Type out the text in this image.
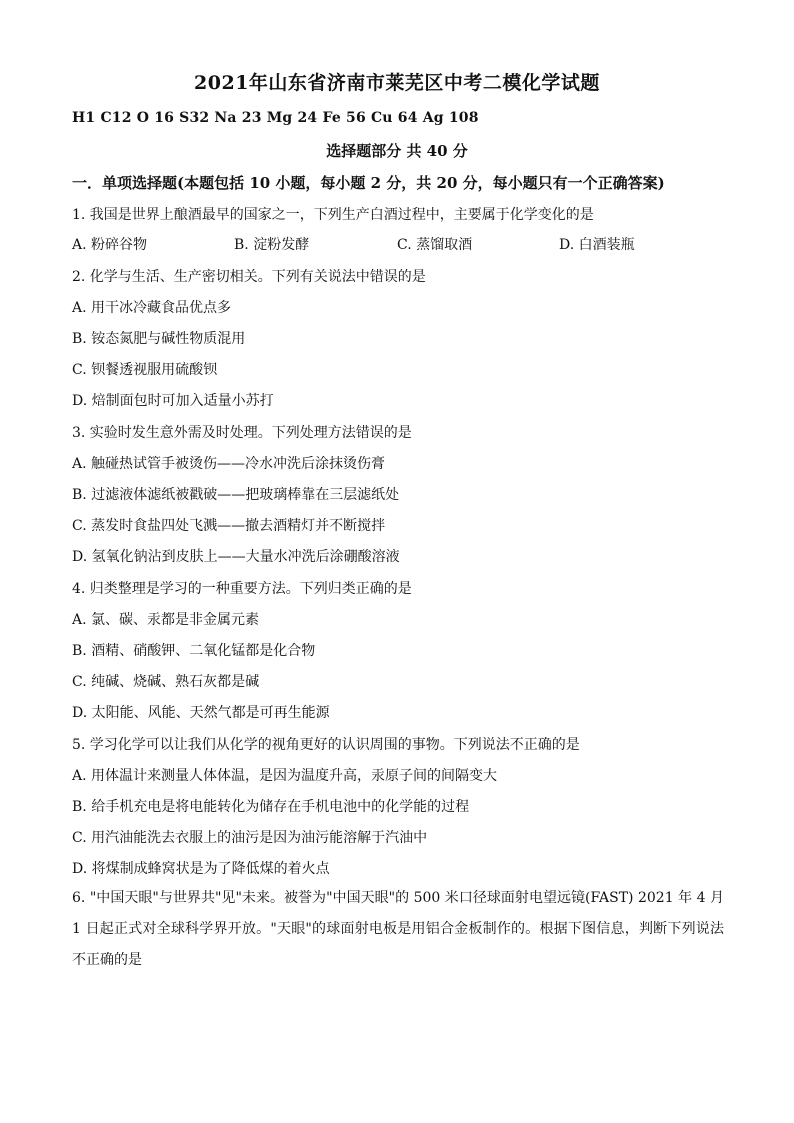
2021年山东省济南市莱芜区中考二模化学试题
H1 C12 O 16 S32 Na 23 Mg 24 Fe 56 Cu 64 Ag 108
选择题部分 共 40 分
一．单项选择题(本题包括 10 小题，每小题 2 分，共 20 分，每小题只有一个正确答案)
1. 我国是世界上酿酒最早的国家之一，下列生产白酒过程中，主要属于化学变化的是
A. 粉碎谷物	B. 淀粉发酵	C. 蒸馏取酒	D. 白酒装瓶
2. 化学与生活、生产密切相关。下列有关说法中错误的是
A. 用干冰冷藏食品优点多
B. 铵态氮肥与碱性物质混用
C. 钡餐透视服用硫酸钡
D. 焙制面包时可加入适量小苏打
3. 实验时发生意外需及时处理。下列处理方法错误的是
A. 触碰热试管手被烫伤——冷水冲洗后涂抹烫伤膏
B. 过滤液体滤纸被戳破——把玻璃棒靠在三层滤纸处
C. 蒸发时食盐四处飞溅——撤去酒精灯并不断搅拌
D. 氢氧化钠沾到皮肤上——大量水冲洗后涂硼酸溶液
4. 归类整理是学习的一种重要方法。下列归类正确的是
A. 氯、碳、汞都是非金属元素
B. 酒精、硝酸钾、二氧化锰都是化合物
C. 纯碱、烧碱、熟石灰都是碱
D. 太阳能、风能、天然气都是可再生能源
5. 学习化学可以让我们从化学的视角更好的认识周围的事物。下列说法不正确的是
A. 用体温计来测量人体体温，是因为温度升高，汞原子间的间隔变大
B. 给手机充电是将电能转化为储存在手机电池中的化学能的过程
C. 用汽油能洗去衣服上的油污是因为油污能溶解于汽油中
D. 将煤制成蜂窝状是为了降低煤的着火点
6. "中国天眼"与世界共"见"未来。被誉为"中国天眼"的 500 米口径球面射电望远镜(FAST) 2021 年 4 月1 日起正式对全球科学界开放。"天眼"的球面射电板是用铝合金板制作的。根据下图信息，判断下列说法不正确的是
